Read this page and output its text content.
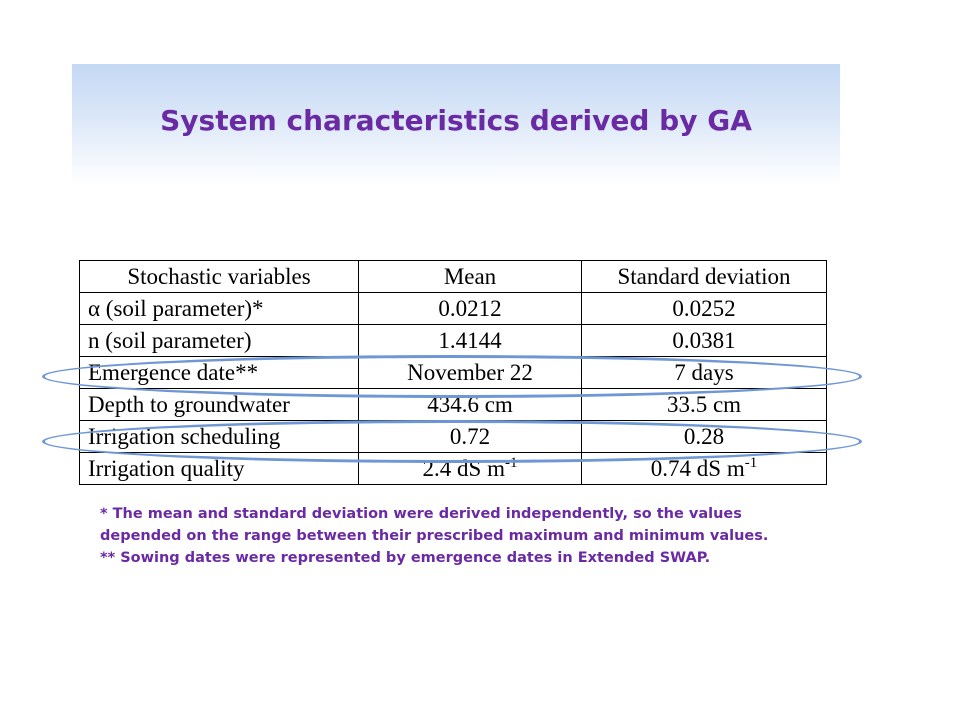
System characteristics derived by GA
Stochastic variables	Mean	Standard deviation
α (soil parameter)*	0.0212	0.0252
n (soil parameter)	1.4144	0.0381
Emergence date**	November 22	7 days
Depth to groundwater	434.6 cm	33.5 cm
Irrigation scheduling	0.72	0.28
Irrigation quality	2.4 dS $m^{-1}$	0.74 dS $m^{-1}$
* The mean and standard deviation were derived independently, so the values
depended on the range between their prescribed maximum and minimum values.
** Sowing dates were represented by emergence dates in Extended SWAP.
